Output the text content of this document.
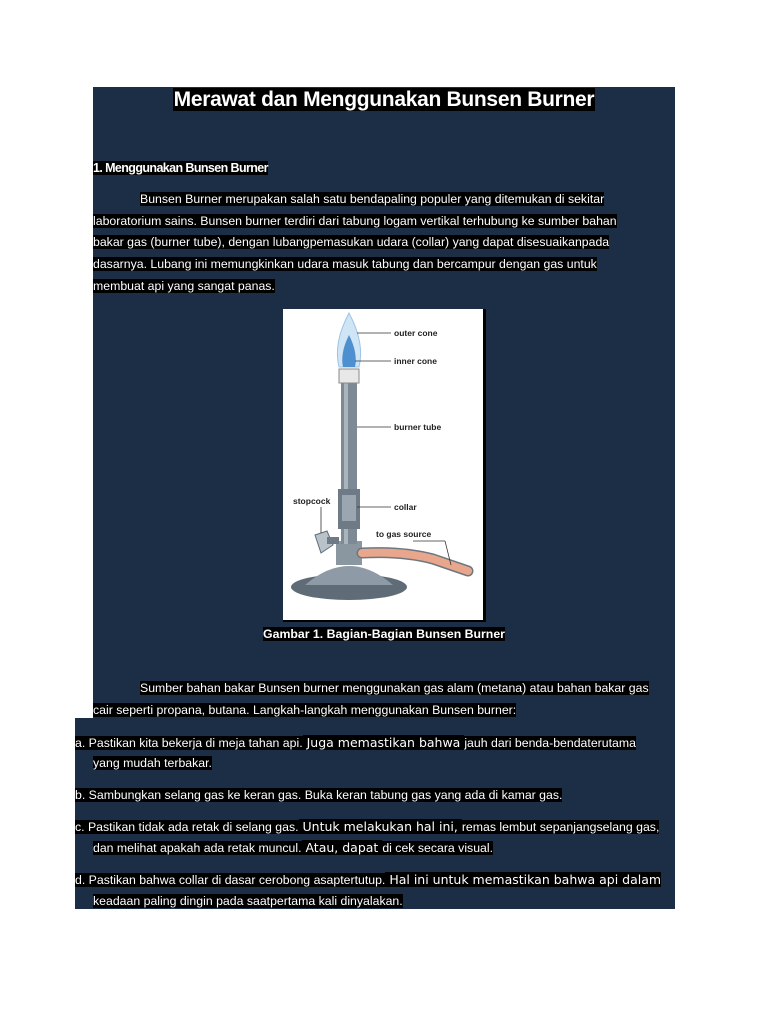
Merawat dan Menggunakan Bunsen Burner
1. Menggunakan Bunsen Burner
Bunsen Burner merupakan salah satu bendapaling populer yang ditemukan di sekitar
laboratorium sains. Bunsen burner terdiri dari tabung logam vertikal terhubung ke sumber bahan
bakar gas (burner tube), dengan lubangpemasukan udara (collar) yang dapat disesuaikanpada
dasarnya. Lubang ini memungkinkan udara masuk tabung dan bercampur dengan gas untuk
membuat api yang sangat panas.
outer cone
inner cone
burner tube
stopcock
collar
to gas source
Gambar 1. Bagian-Bagian Bunsen Burner
Sumber bahan bakar Bunsen burner menggunakan gas alam (metana) atau bahan bakar gas
cair seperti propana, butana. Langkah-langkah menggunakan Bunsen burner:
a. Pastikan kita bekerja di meja tahan api. Juga memastikan bahwa jauh dari benda-bendaterutama
yang mudah terbakar.
b. Sambungkan selang gas ke keran gas. Buka keran tabung gas yang ada di kamar gas.
c. Pastikan tidak ada retak di selang gas. Untuk melakukan hal ini, remas lembut sepanjangselang gas,
dan melihat apakah ada retak muncul. Atau, dapat di cek secara visual.
d. Pastikan bahwa collar di dasar cerobong asaptertutup. Hal ini untuk memastikan bahwa api dalam
keadaan paling dingin pada saatpertama kali dinyalakan.
